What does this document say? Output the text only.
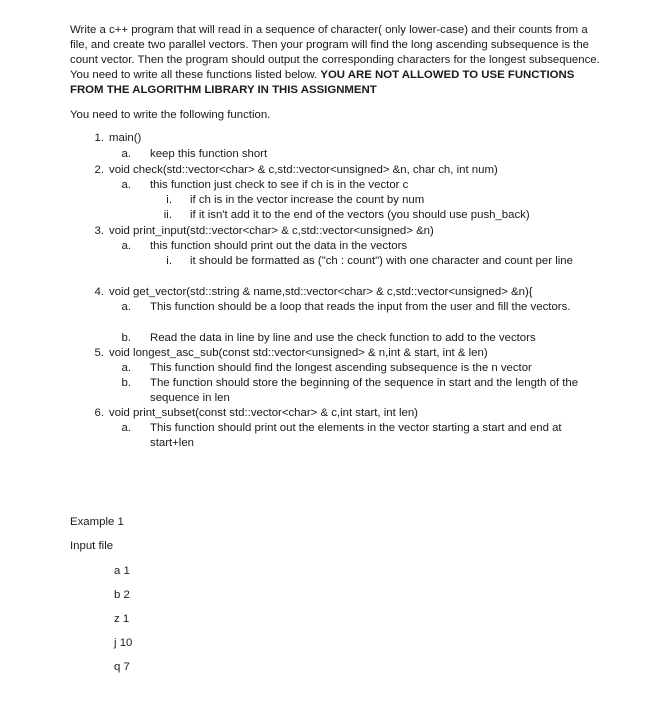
Write a c++ program that will read in a sequence of character( only lower-case) and their counts from a file, and create two parallel vectors. Then your program will find the long ascending subsequence is the count vector. Then the program should output the corresponding characters for the longest subsequence. You need to write all these functions listed below. YOU ARE NOT ALLOWED TO USE FUNCTIONS FROM THE ALGORITHM LIBRARY IN THIS ASSIGNMENT

You need to write the following function.
1. main()
a. keep this function short
2. void check(std::vector<char> & c,std::vector<unsigned> &n, char ch, int num)
a. this function just check to see if ch is in the vector c
i. if ch is in the vector increase the count by num
ii. if it isn't add it to the end of the vectors (you should use push_back)
3. void print_input(std::vector<char> & c,std::vector<unsigned> &n)
a. this function should print out the data in the vectors
i. it should be formatted as ("ch : count") with one character and count per line
4. void get_vector(std::string & name,std::vector<char> & c,std::vector<unsigned> &n){
a. This function should be a loop that reads the input from the user and fill the vectors.
b. Read the data in line by line and use the check function to add to the vectors
5. void longest_asc_sub(const std::vector<unsigned> & n,int & start, int & len)
a. This function should find the longest ascending subsequence is the n vector
b. The function should store the beginning of the sequence in start and the length of the sequence in len
6. void print_subset(const std::vector<char> & c,int start, int len)
a. This function should print out the elements in the vector starting a start and end at start+len
Example 1
Input file
a 1
b 2
z 1
j 10
q 7
